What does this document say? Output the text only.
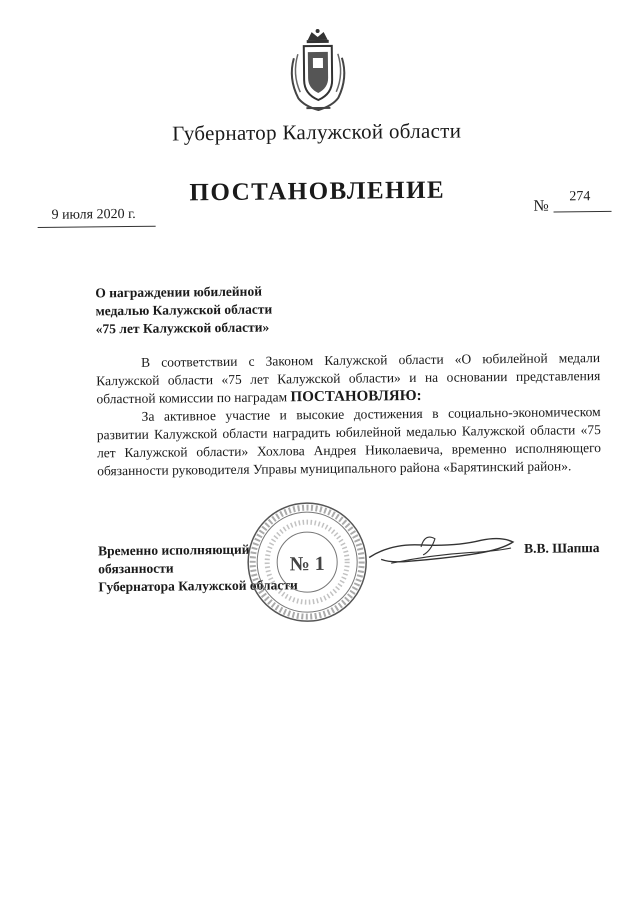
Губернатор Калужской области
ПОСТАНОВЛЕНИЕ
9 июля 2020 г.
№
274
О награждении юбилейной
медалью Калужской области
«75 лет Калужской области»

В соответствии с Законом Калужской области «О юбилейной медали Калужской области «75 лет Калужской области» и на основании представления областной комиссии по наградам ПОСТАНОВЛЯЮ:

За активное участие и высокие достижения в социально-экономическом развитии Калужской области наградить юбилейной медалью Калужской области «75 лет Калужской области» Хохлова Андрея Николаевича, временно исполняющего обязанности руководителя Управы муниципального района «Барятинский район».

Временно исполняющий обязанности
Губернатора Калужской области
№ 1
В.В. Шапша
